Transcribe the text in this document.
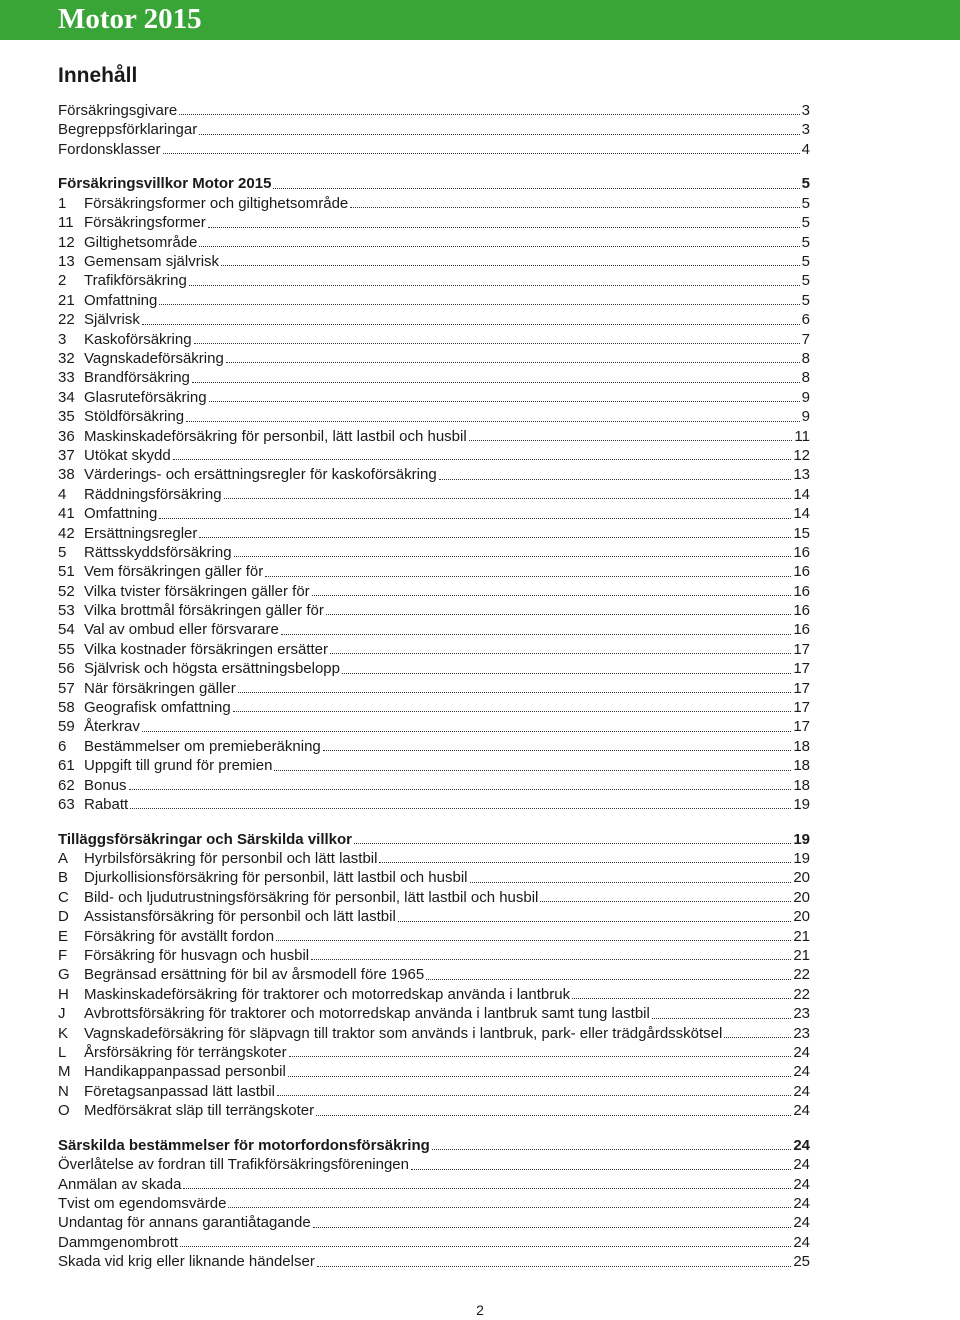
Motor 2015
Innehåll
Försäkringsgivare	3
Begreppsförklaringar	3
Fordonsklasser	4
Försäkringsvillkor Motor 2015	5
1	Försäkringsformer och giltighetsområde	5
11 Försäkringsformer	5
12 Giltighetsområde	5
13 Gemensam självrisk	5
2	Trafikförsäkring	5
21 Omfattning	5
22 Självrisk	6
3	Kaskoförsäkring	7
32 Vagnskadeförsäkring	8
33 Brandförsäkring	8
34 Glasruteförsäkring	9
35 Stöldförsäkring	9
36 Maskinskadeförsäkring för personbil, lätt lastbil och husbil	11
37 Utökat skydd	12
38 Värderings- och ersättningsregler för kaskoförsäkring	13
4	Räddningsförsäkring	14
41 Omfattning	14
42 Ersättningsregler	15
5	Rättsskyddsförsäkring	16
51 Vem försäkringen gäller för	16
52 Vilka tvister försäkringen gäller för	16
53 Vilka brottmål försäkringen gäller för	16
54 Val av ombud eller försvarare	16
55 Vilka kostnader försäkringen ersätter	17
56 Självrisk och högsta ersättningsbelopp	17
57 När försäkringen gäller	17
58 Geografisk omfattning	17
59 Återkrav	17
6	Bestämmelser om premieberäkning	18
61 Uppgift till grund för premien	18
62 Bonus	18
63 Rabatt	19
Tilläggsförsäkringar och Särskilda villkor	19
A	Hyrbilsförsäkring för personbil och lätt lastbil	19
B	Djurkollisionsförsäkring för personbil, lätt lastbil och husbil	20
C	Bild- och ljudutrustningsförsäkring för personbil, lätt lastbil och husbil	20
D	Assistansförsäkring för personbil och lätt lastbil	20
E	Försäkring för avställt fordon	21
F	Försäkring för husvagn och husbil	21
G Begränsad ersättning för bil av årsmodell före 1965	22
H	Maskinskadeförsäkring för traktorer och motorredskap använda i lantbruk	22
J	Avbrottsförsäkring för traktorer och motorredskap använda i lantbruk samt tung lastbil	23
K	Vagnskadeförsäkring för släpvagn till traktor som används i lantbruk, park- eller trädgårdsskötsel	23
L	Årsförsäkring för terrängskoter	24
M Handikappanpassad personbil	24
N	Företagsanpassad lätt lastbil	24
O Medförsäkrat släp till terrängskoter	24
Särskilda bestämmelser för motorfordonsförsäkring	24
Överlåtelse av fordran till Trafikförsäkringsföreningen	24
Anmälan av skada	24
Tvist om egendomsvärde	24
Undantag för annans garantiåtagande	24
Dammgenombrott	24
Skada vid krig eller liknande händelser	25
2
